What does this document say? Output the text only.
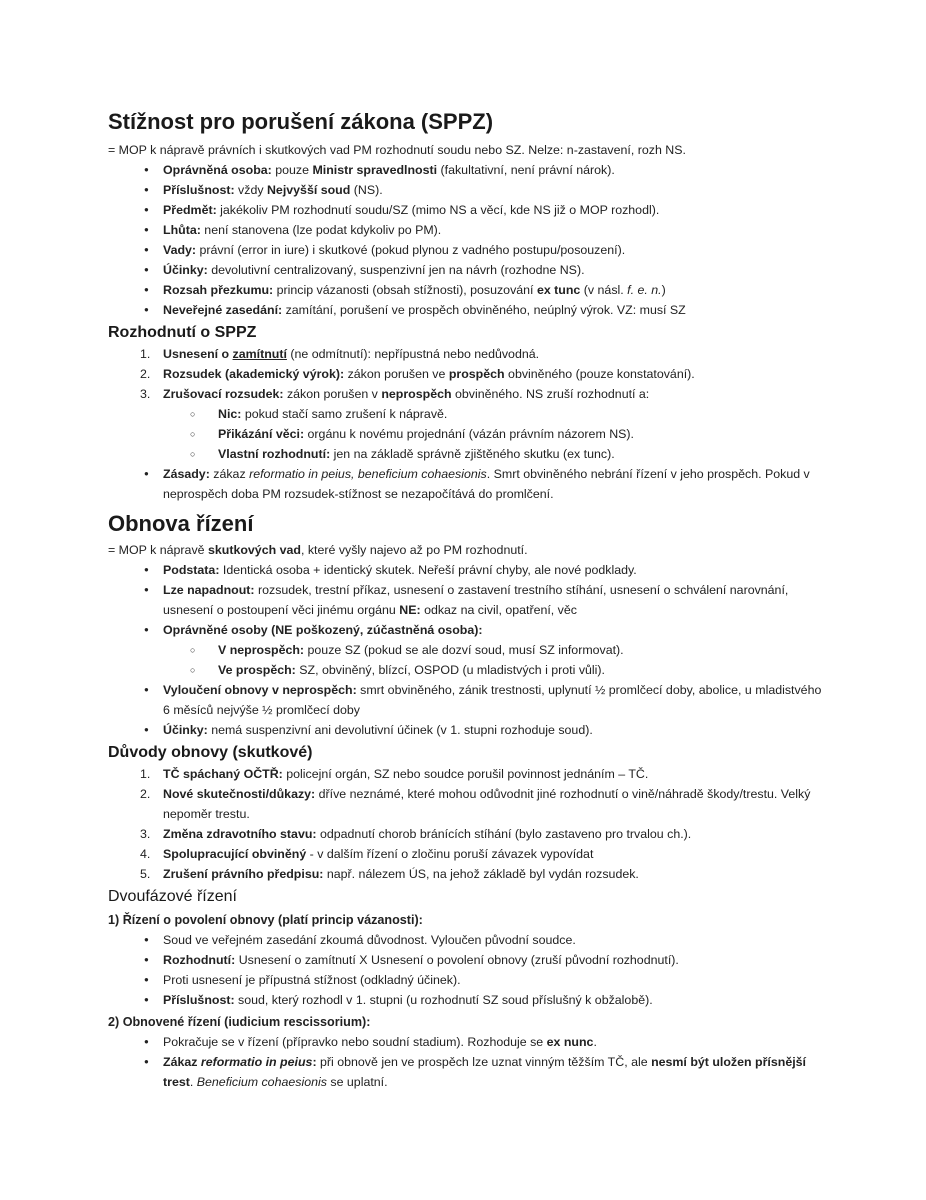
Stížnost pro porušení zákona (SPPZ)

= MOP k nápravě právních i skutkových vad PM rozhodnutí soudu nebo SZ. Nelze: n-zastavení, rozh NS.

● Oprávněná osoba: pouze Ministr spravedlnosti (fakultativní, není právní nárok).
● Příslušnost: vždy Nejvyšší soud (NS).
● Předmět: jakékoliv PM rozhodnutí soudu/SZ (mimo NS a věcí, kde NS již o MOP rozhodl).
● Lhůta: není stanovena (lze podat kdykoliv po PM).
● Vady: právní (error in iure) i skutkové (pokud plynou z vadného postupu/posouzení).
● Účinky: devolutivní centralizovaný, suspenzivní jen na návrh (rozhodne NS).
● Rozsah přezkumu: princip vázanosti (obsah stížnosti), posuzování ex tunc (v násl. f. e. n.)
● Neveřejné zasedání: zamítání, porušení ve prospěch obviněného, neúplný výrok. VZ: musí SZ
Rozhodnutí o SPPZ
1. Usnesení o zamítnutí (ne odmítnutí): nepřípustná nebo nedůvodná.
2. Rozsudek (akademický výrok): zákon porušen ve prospěch obviněného (pouze konstatování).
3. Zrušovací rozsudek: zákon porušen v neprospěch obviněného. NS zruší rozhodnutí a:
○ Nic: pokud stačí samo zrušení k nápravě.
○ Přikázání věci: orgánu k novému projednání (vázán právním názorem NS).
○ Vlastní rozhodnutí: jen na základě správně zjištěného skutku (ex tunc).
● Zásady: zákaz reformatio in peius, beneficium cohaesionis. Smrt obviněného nebrání řízení v jeho prospěch. Pokud v neprospěch doba PM rozsudek-stížnost se nezapočítává do promlčení.
Obnova řízení

= MOP k nápravě skutkových vad, které vyšly najevo až po PM rozhodnutí.

● Podstata: Identická osoba + identický skutek. Neřeší právní chyby, ale nové podklady.
● Lze napadnout: rozsudek, trestní příkaz, usnesení o zastavení trestního stíhání, usnesení o schválení narovnání, usnesení o postoupení věci jinému orgánu NE: odkaz na civil, opatření, věc
● Oprávněné osoby (NE poškozený, zúčastněná osoba):
○ V neprospěch: pouze SZ (pokud se ale dozví soud, musí SZ informovat).
○ Ve prospěch: SZ, obviněný, blízcí, OSPOD (u mladistvých i proti vůli).
● Vyloučení obnovy v neprospěch: smrt obviněného, zánik trestnosti, uplynutí ½ promlčecí doby, abolice, u mladistvého 6 měsíců nejvýše ½ promlčecí doby
● Účinky: nemá suspenzivní ani devolutivní účinek (v 1. stupni rozhoduje soud).
Důvody obnovy (skutkové)
1. TČ spáchaný OČTŘ: policejní orgán, SZ nebo soudce porušil povinnost jednáním – TČ.
2. Nové skutečnosti/důkazy: dříve neznámé, které mohou odůvodnit jiné rozhodnutí o vině/náhradě škody/trestu. Velký nepoměr trestu.
3. Změna zdravotního stavu: odpadnutí chorob bránících stíhání (bylo zastaveno pro trvalou ch.).
4. Spolupracující obviněný - v dalším řízení o zločinu poruší závazek vypovídat
5. Zrušení právního předpisu: např. nálezem ÚS, na jehož základě byl vydán rozsudek.
Dvoufázové řízení
1) Řízení o povolení obnovy (platí princip vázanosti):
● Soud ve veřejném zasedání zkoumá důvodnost. Vyloučen původní soudce.
● Rozhodnutí: Usnesení o zamítnutí X Usnesení o povolení obnovy (zruší původní rozhodnutí).
● Proti usnesení je přípustná stížnost (odkladný účinek).
● Příslušnost: soud, který rozhodl v 1. stupni (u rozhodnutí SZ soud příslušný k obžalobě).
2) Obnovené řízení (iudicium rescissorium):
● Pokračuje se v řízení (přípravko nebo soudní stadium). Rozhoduje se ex nunc.
● Zákaz reformatio in peius: při obnově jen ve prospěch lze uznat vinným těžším TČ, ale nesmí být uložen přísnější trest. Beneficium cohaesionis se uplatní.
